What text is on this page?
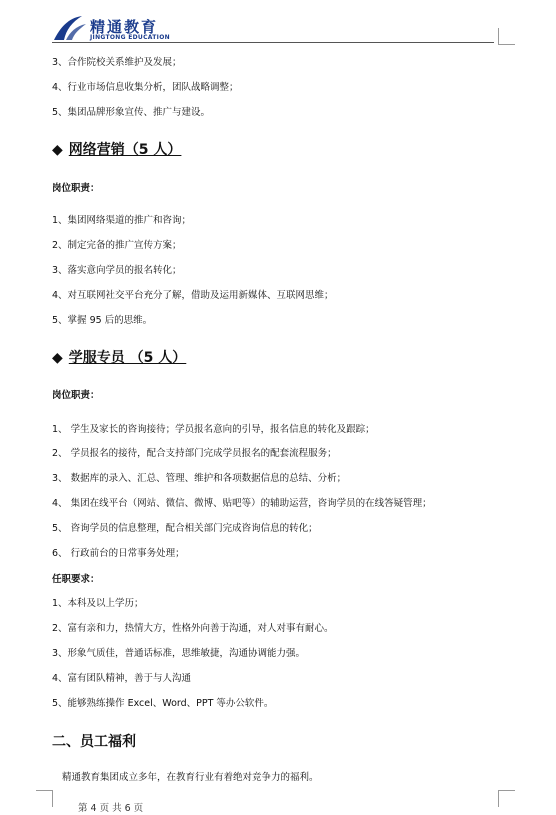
精通教育
JINGTONG EDUCATION
3、合作院校关系维护及发展；
4、行业市场信息收集分析，团队战略调整；
5、集团品牌形象宣传、推广与建设。
◆ 网络营销（5 人）
岗位职责：
1、集团网络渠道的推广和咨询；
2、制定完备的推广宣传方案；
3、落实意向学员的报名转化；
4、对互联网社交平台充分了解，借助及运用新媒体、互联网思维；
5、掌握 95 后的思维。
◆ 学服专员 （5 人）
岗位职责：
1、 学生及家长的咨询接待；学员报名意向的引导，报名信息的转化及跟踪；
2、 学员报名的接待，配合支持部门完成学员报名的配套流程服务；
3、 数据库的录入、汇总、管理、维护和各项数据信息的总结、分析；
4、 集团在线平台（网站、微信、微博、贴吧等）的辅助运营，咨询学员的在线答疑管理；
5、 咨询学员的信息整理，配合相关部门完成咨询信息的转化；
6、 行政前台的日常事务处理；
任职要求：
1、本科及以上学历；
2、富有亲和力，热情大方，性格外向善于沟通，对人对事有耐心。
3、形象气质佳，普通话标准，思维敏捷，沟通协调能力强。
4、富有团队精神，善于与人沟通
5、能够熟练操作 Excel、Word、PPT 等办公软件。
二、员工福利
精通教育集团成立多年，在教育行业有着绝对竞争力的福利。
第 4 页 共 6 页
